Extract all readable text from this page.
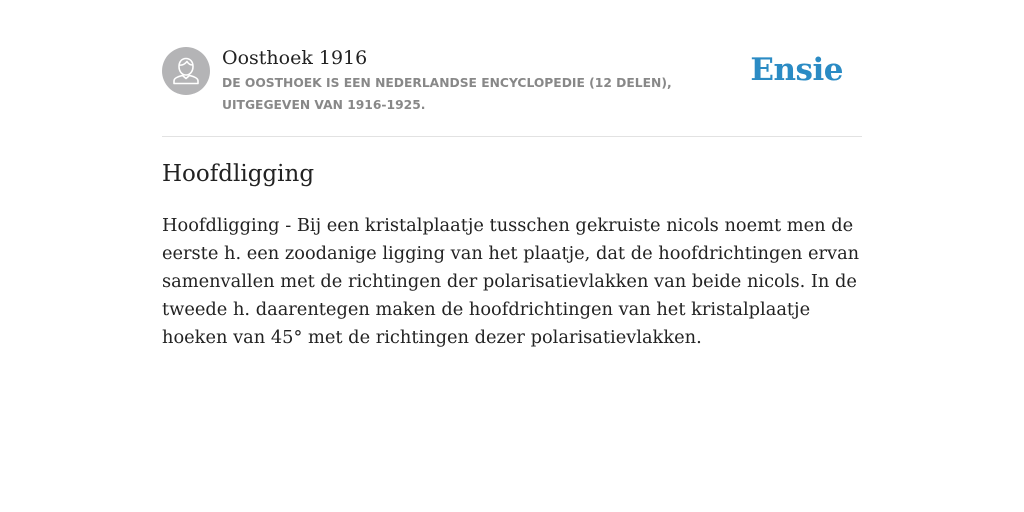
Oosthoek 1916
DE OOSTHOEK IS EEN NEDERLANDSE ENCYCLOPEDIE (12 DELEN), UITGEGEVEN VAN 1916-1925.
Ensie
Hoofdligging

Hoofdligging - Bij een kristalplaatje tusschen gekruiste nicols noemt men de eerste h. een zoodanige ligging van het plaatje, dat de hoofdrichtingen ervan samenvallen met de richtingen der polarisatievlakken van beide nicols. In de tweede h. daarentegen maken de hoofdrichtingen van het kristalplaatje hoeken van 45° met de richtingen dezer polarisatievlakken.
